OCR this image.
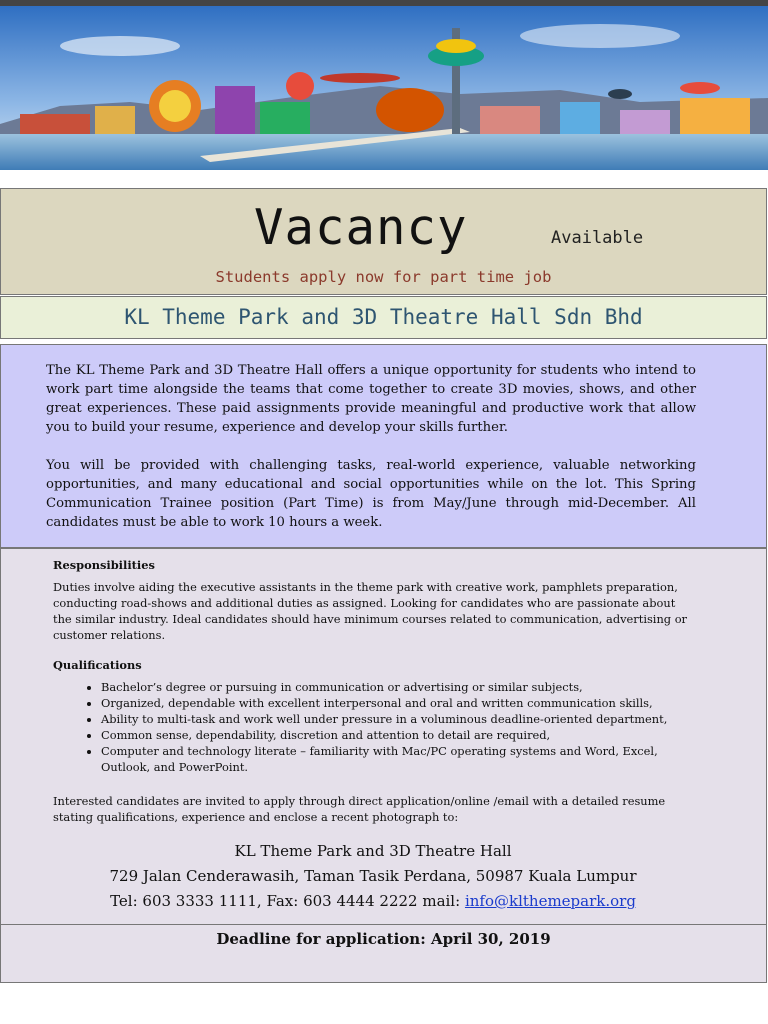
Vacancy	Available
Students apply now for part time job
KL Theme Park and 3D Theatre Hall Sdn Bhd

The KL Theme Park and 3D Theatre Hall offers a unique opportunity for students who intend to work part time alongside the teams that come together to create 3D movies, shows, and other great experiences. These paid assignments provide meaningful and productive work that allow you to build your resume, experience and develop your skills further.

You will be provided with challenging tasks, real-world experience, valuable networking opportunities, and many educational and social opportunities while on the lot. This Spring Communication Trainee position (Part Time) is from May/June through mid-December. All candidates must be able to work 10 hours a week.

Responsibilities

Duties involve aiding the executive assistants in the theme park with creative work, pamphlets preparation, conducting road-shows and additional duties as assigned. Looking for candidates who are passionate about the similar industry. Ideal candidates should have minimum courses related to communication, advertising or customer relations.

Qualifications
• Bachelor’s degree or pursuing in communication or advertising or similar subjects,
• Organized, dependable with excellent interpersonal and oral and written communication skills,
• Ability to multi-task and work well under pressure in a voluminous deadline-oriented department,
• Common sense, dependability, discretion and attention to detail are required,
• Computer and technology literate – familiarity with Mac/PC operating systems and Word, Excel, Outlook, and PowerPoint.

Interested candidates are invited to apply through direct application/online /email with a detailed resume stating qualifications, experience and enclose a recent photograph to:

KL Theme Park and 3D Theatre Hall
729 Jalan Cenderawasih, Taman Tasik Perdana, 50987 Kuala Lumpur
Tel: 603 3333 1111, Fax: 603 4444 2222 mail: info@klthemepark.org
Deadline for application: April 30, 2019
